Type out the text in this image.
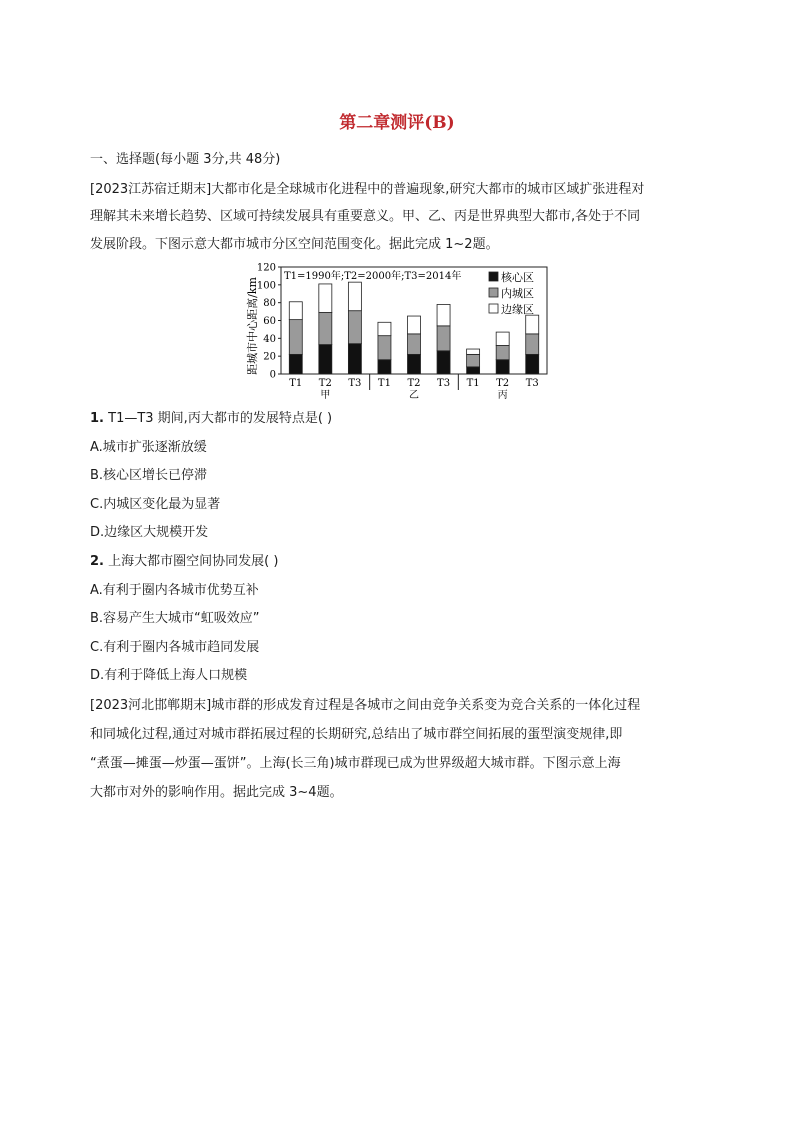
第二章测评(B)
一、选择题(每小题 3分,共 48分)
[2023江苏宿迁期末]大都市化是全球城市化进程中的普遍现象,研究大都市的城市区域扩张进程对
理解其未来增长趋势、区域可持续发展具有重要意义。甲、乙、丙是世界典型大都市,各处于不同
发展阶段。下图示意大都市城市分区空间范围变化。据此完成 1~2题。
距城市中心距离/km
0
20
40
60
80
100
120
T1=1990年;T2=2000年;T3=2014年	核心区
内城区
边缘区
T1 T2 T3 T1 T2 T3 T1 T2 T3
甲	乙	丙
1. T1—T3 期间,丙大都市的发展特点是( )
A.城市扩张逐渐放缓
B.核心区增长已停滞
C.内城区变化最为显著
D.边缘区大规模开发
2. 上海大都市圈空间协同发展( )
A.有利于圈内各城市优势互补
B.容易产生大城市“虹吸效应”
C.有利于圈内各城市趋同发展
D.有利于降低上海人口规模
[2023河北邯郸期末]城市群的形成发育过程是各城市之间由竞争关系变为竞合关系的一体化过程
和同城化过程,通过对城市群拓展过程的长期研究,总结出了城市群空间拓展的蛋型演变规律,即
“煮蛋—摊蛋—炒蛋—蛋饼”。上海(长三角)城市群现已成为世界级超大城市群。下图示意上海
大都市对外的影响作用。据此完成 3~4题。
